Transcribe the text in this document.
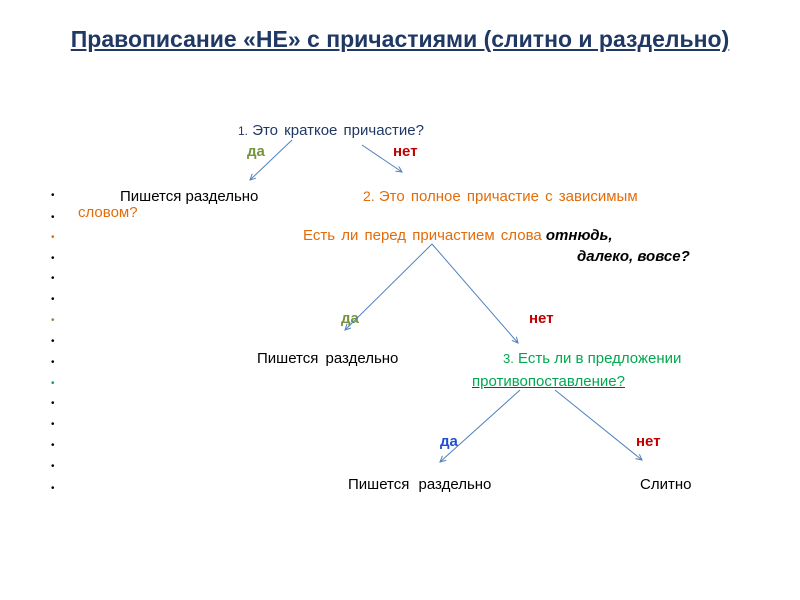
Правописание «НЕ» с причастиями (слитно и раздельно)
•
•
•
•
•
•
•
•
•
•
•
•
•
•
•
1. Это краткое причастие?
да	нет
Пишется раздельно	2. Это полное причастие с зависимым
словом?
Есть ли перед причастием слова отнюдь,
далеко, вовсе?
да	нет
Пишется раздельно	3. Есть ли в предложении
противопоставление?
да	нет
Пишется раздельно	Слитно
